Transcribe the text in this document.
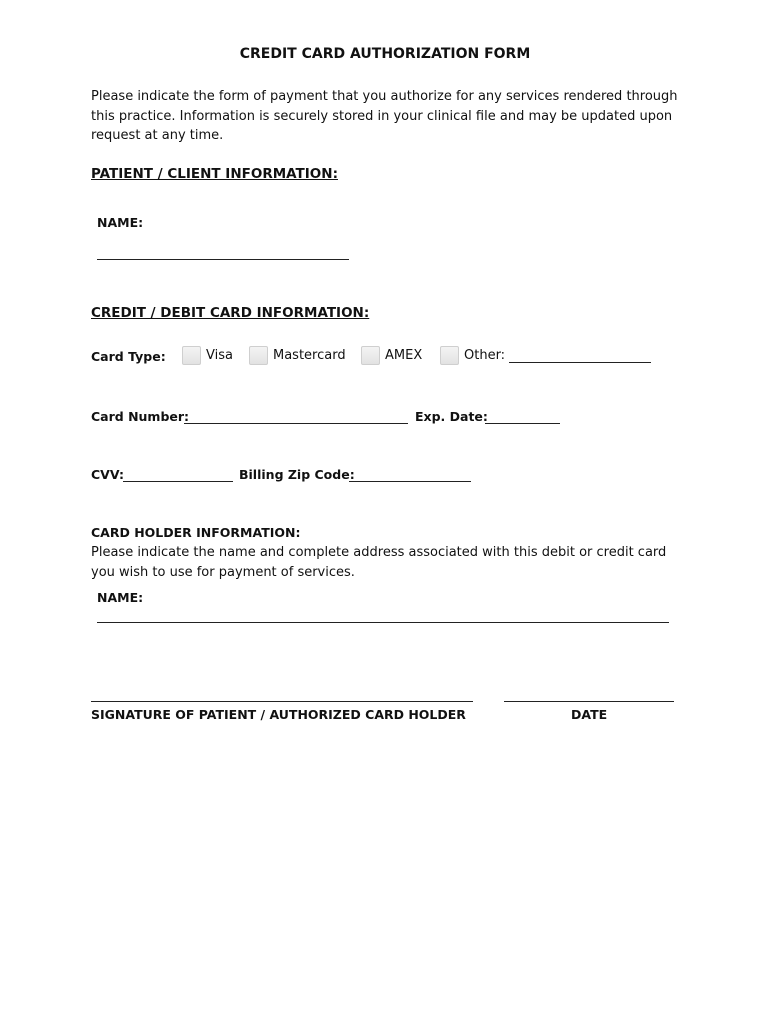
CREDIT CARD AUTHORIZATION FORM
Please indicate the form of payment that you authorize for any services rendered through this practice. Information is securely stored in your clinical file and may be updated upon request at any time.
PATIENT / CLIENT INFORMATION:
NAME:
CREDIT / DEBIT CARD INFORMATION:
Card Type:	Visa	Mastercard	AMEX	Other:
Card Number:	Exp. Date:
CVV:	Billing Zip Code:
CARD HOLDER INFORMATION:
Please indicate the name and complete address associated with this debit or credit card you wish to use for payment of services.
NAME:
SIGNATURE OF PATIENT / AUTHORIZED CARD HOLDER	DATE
